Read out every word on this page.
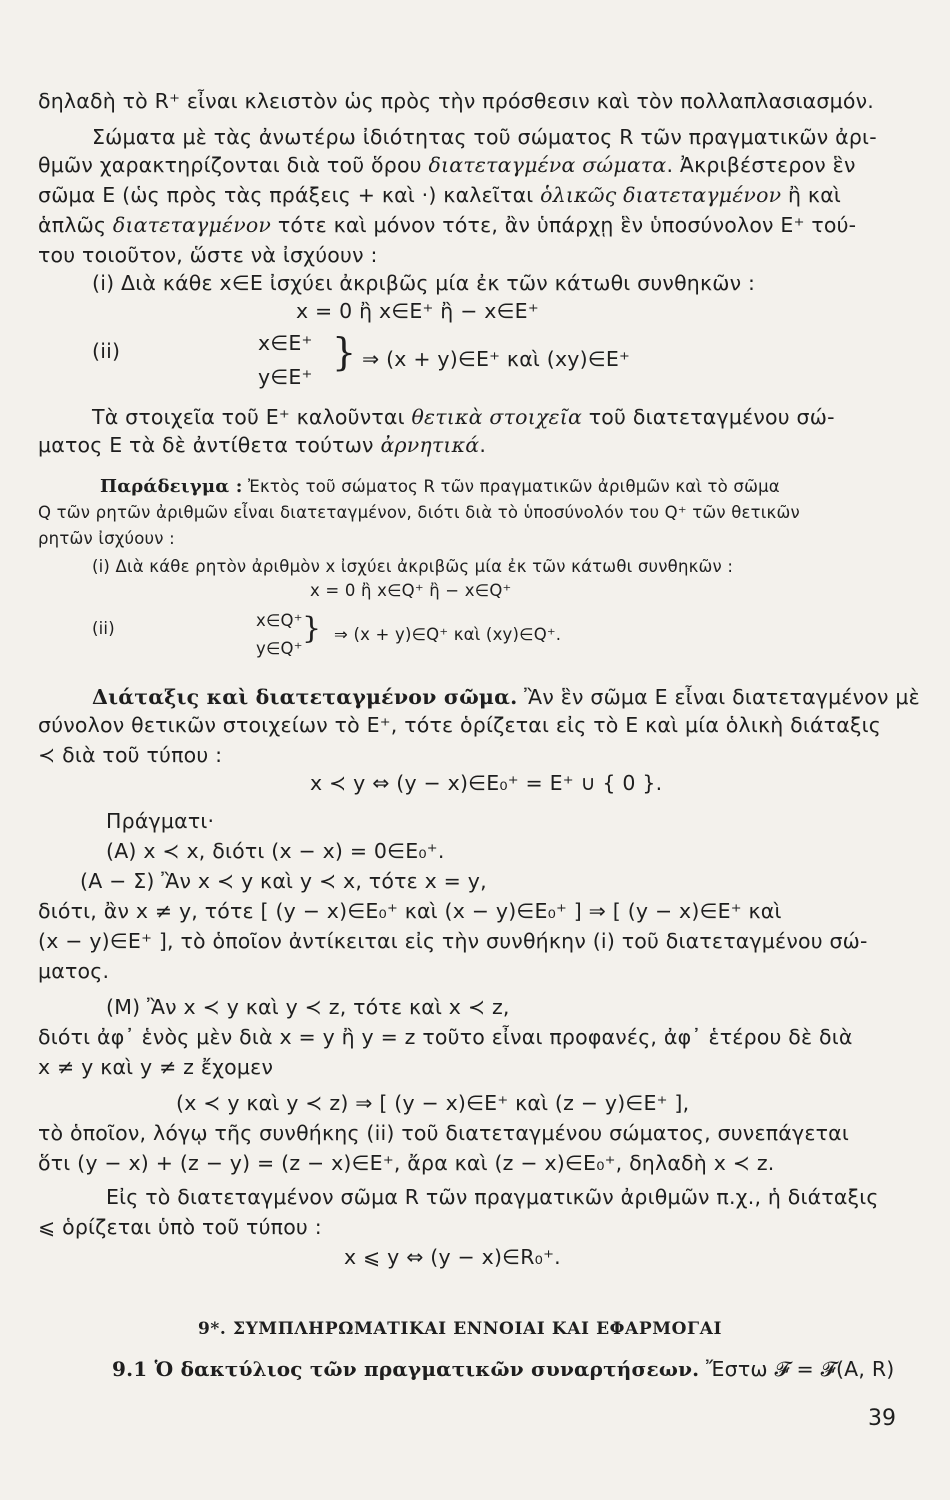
δηλαδὴ τὸ R⁺ εἶναι κλειστὸν ὡς πρὸς τὴν πρόσθεσιν καὶ τὸν πολλαπλασιασμόν.
Σώματα μὲ τὰς ἀνωτέρω ἰδιότητας τοῦ σώματος R τῶν πραγματικῶν ἀρι-
θμῶν χαρακτηρίζονται διὰ τοῦ ὅρου διατεταγμένα σώματα. Ἀκριβέστερον ἓν
σῶμα E (ὡς πρὸς τὰς πράξεις + καὶ ·) καλεῖται ὁλικῶς διατεταγμένον ἢ καὶ
ἁπλῶς διατεταγμένον τότε καὶ μόνον τότε, ἂν ὑπάρχῃ ἓν ὑποσύνολον E⁺ τού-
του τοιοῦτον, ὥστε νὰ ἰσχύουν :
(i) Διὰ κάθε x∈E ἰσχύει ἀκριβῶς μία ἐκ τῶν κάτωθι συνθηκῶν :
x = 0 ἢ x∈E⁺ ἢ − x∈E⁺
(ii)	x∈E⁺
y∈E⁺
} ⇒ (x + y)∈E⁺ καὶ (xy)∈E⁺
Τὰ στοιχεῖα τοῦ E⁺ καλοῦνται θετικὰ στοιχεῖα τοῦ διατεταγμένου σώ-
ματος E τὰ δὲ ἀντίθετα τούτων ἀρνητικά.
Παράδειγμα : Ἐκτὸς τοῦ σώματος R τῶν πραγματικῶν ἀριθμῶν καὶ τὸ σῶμα
Q τῶν ρητῶν ἀριθμῶν εἶναι διατεταγμένον, διότι διὰ τὸ ὑποσύνολόν του Q⁺ τῶν θετικῶν
ρητῶν ἰσχύουν :
(i) Διὰ κάθε ρητὸν ἀριθμὸν x ἰσχύει ἀκριβῶς μία ἐκ τῶν κάτωθι συνθηκῶν :
x = 0 ἢ x∈Q⁺ ἢ − x∈Q⁺
(ii)	x∈Q⁺
y∈Q⁺
} ⇒ (x + y)∈Q⁺ καὶ (xy)∈Q⁺.
Διάταξις καὶ διατεταγμένον σῶμα. Ἂν ἓν σῶμα E εἶναι διατεταγμένον μὲ
σύνολον θετικῶν στοιχείων τὸ E⁺, τότε ὁρίζεται εἰς τὸ E καὶ μία ὁλικὴ διάταξις
≺ διὰ τοῦ τύπου :
x ≺ y ⇔ (y − x)∈E₀⁺ = E⁺ ∪ { 0 }.
Πράγματι·
(A) x ≺ x, διότι (x − x) = 0∈E₀⁺.
(A − Σ) Ἂν x ≺ y καὶ y ≺ x, τότε x = y,
διότι, ἂν x ≠ y, τότε [ (y − x)∈E₀⁺ καὶ (x − y)∈E₀⁺ ] ⇒ [ (y − x)∈E⁺ καὶ
(x − y)∈E⁺ ], τὸ ὁποῖον ἀντίκειται εἰς τὴν συνθήκην (i) τοῦ διατεταγμένου σώ-
ματος.
(M) Ἂν x ≺ y καὶ y ≺ z, τότε καὶ x ≺ z,
διότι ἀφ᾽ ἑνὸς μὲν διὰ x = y ἢ y = z τοῦτο εἶναι προφανές, ἀφ᾽ ἑτέρου δὲ διὰ
x ≠ y καὶ y ≠ z ἔχομεν
(x ≺ y καὶ y ≺ z) ⇒ [ (y − x)∈E⁺ καὶ (z − y)∈E⁺ ],
τὸ ὁποῖον, λόγῳ τῆς συνθήκης (ii) τοῦ διατεταγμένου σώματος, συνεπάγεται
ὅτι (y − x) + (z − y) = (z − x)∈E⁺, ἄρα καὶ (z − x)∈E₀⁺, δηλαδὴ x ≺ z.
Εἰς τὸ διατεταγμένον σῶμα R τῶν πραγματικῶν ἀριθμῶν π.χ., ἡ διάταξις
⩽ ὁρίζεται ὑπὸ τοῦ τύπου :
x ⩽ y ⇔ (y − x)∈R₀⁺.
9*. ΣΥΜΠΛΗΡΩΜΑΤΙΚΑΙ ΕΝΝΟΙΑΙ ΚΑΙ ΕΦΑΡΜΟΓΑΙ
9.1 Ὁ δακτύλιος τῶν πραγματικῶν συναρτήσεων. Ἔστω 𝓕 = 𝓕(A, R)
39
